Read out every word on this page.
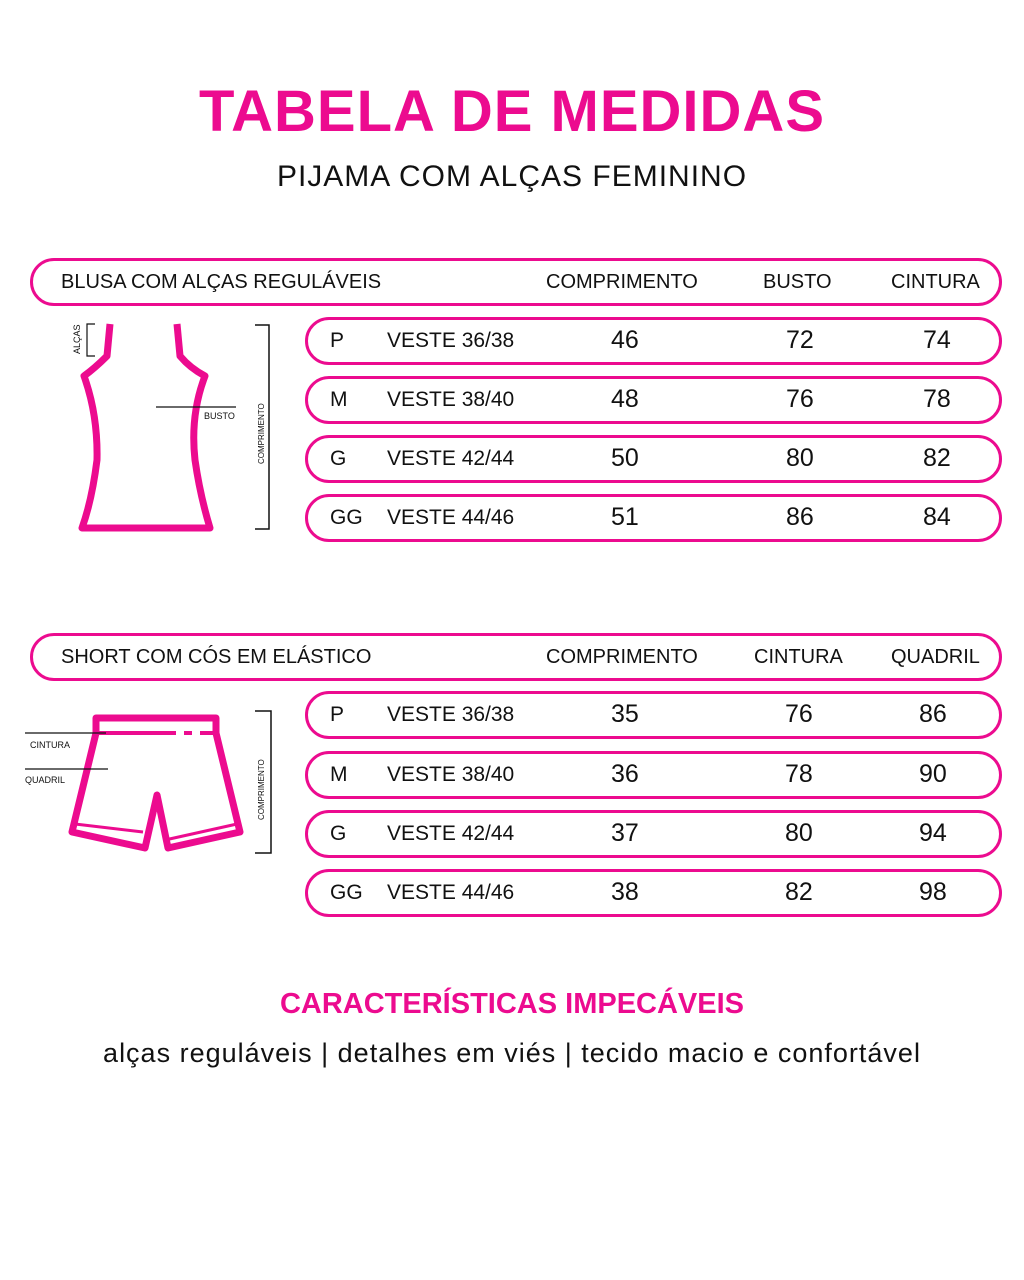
TABELA DE MEDIDAS
PIJAMA COM ALÇAS FEMININO
BLUSA COM ALÇAS REGULÁVEIS	COMPRIMENTO	BUSTO	CINTURA
P VESTE 36/38	46	72	74
M VESTE 38/40	48	76	78
G VESTE 42/44	50	80	82
GG VESTE 44/46	51	86	84
ALÇAS
BUSTO	COMPRIMENTO
SHORT COM CÓS EM ELÁSTICO	COMPRIMENTO	CINTURA QUADRIL
P VESTE 36/38	35	76	86
M VESTE 38/40	36	78	90
G VESTE 42/44	37	80	94
GG VESTE 44/46	38	82	98
CINTURA
QUADRIL	COMPRIMENTO
CARACTERÍSTICAS IMPECÁVEIS
alças reguláveis | detalhes em viés | tecido macio e confortável
